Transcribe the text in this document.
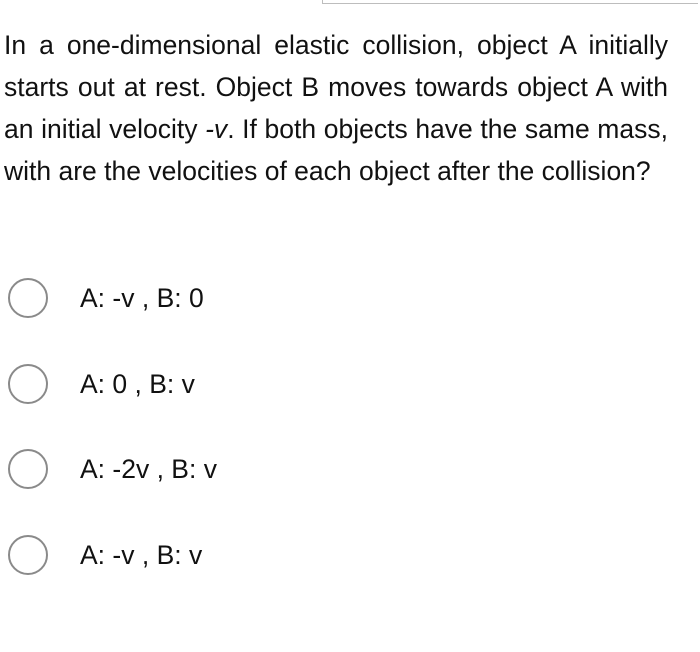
In a one-dimensional elastic collision, object A initially starts out at rest. Object B moves towards object A with an initial velocity -v. If both objects have the same mass, with are the velocities of each object after the collision?

A: -v , B: 0
A: 0 , B: v
A: -2v , B: v
A: -v , B: v
